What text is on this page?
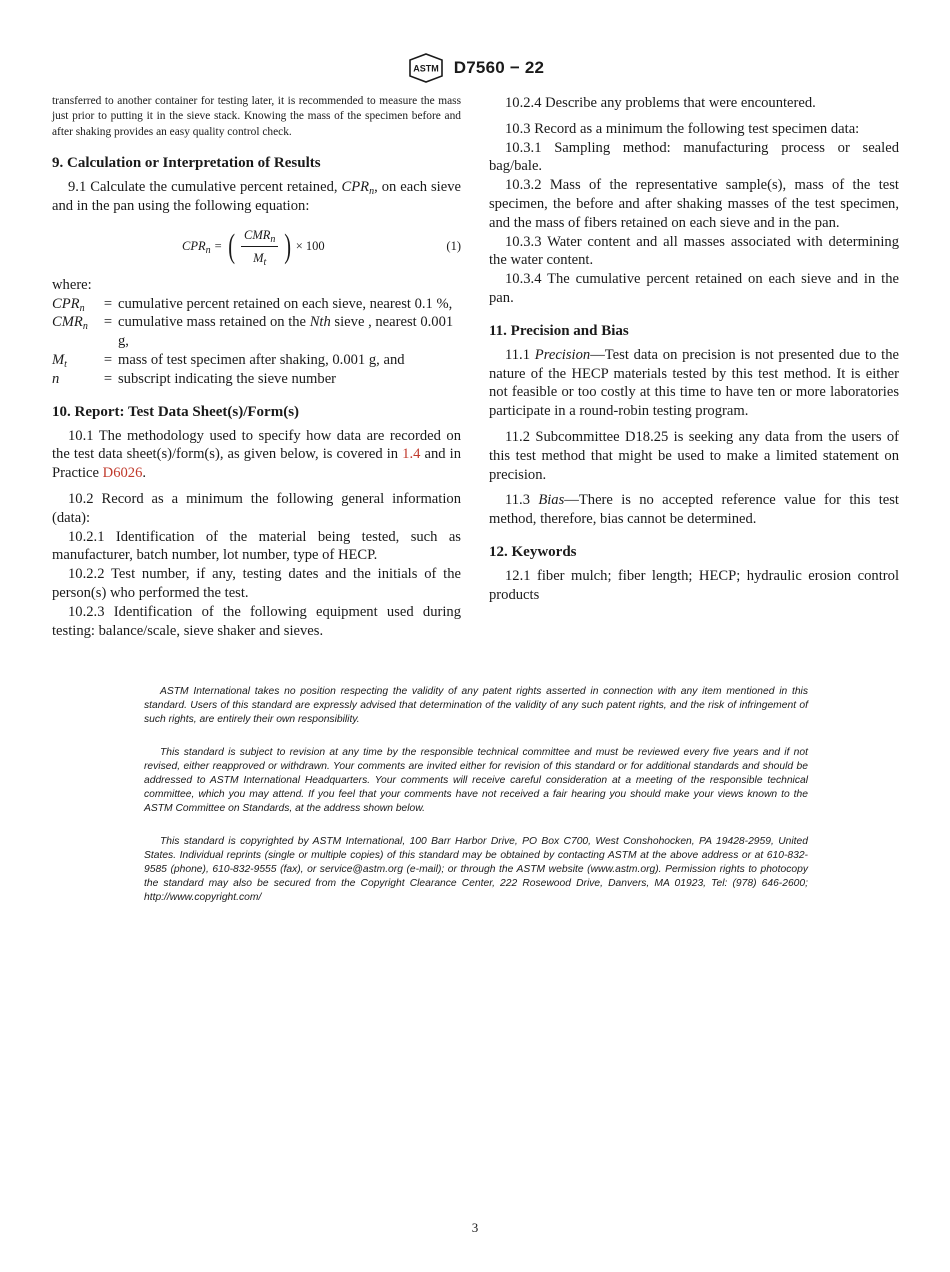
ASTM D7560 − 22

transferred to another container for testing later, it is recommended to measure the mass just prior to putting it in the sieve stack. Knowing the mass of the specimen before and after shaking provides an easy quality control check.

9. Calculation or Interpretation of Results

9.1 Calculate the cumulative percent retained, $CPR_n$, on each sieve and in the pan using the following equation:

$CPR_n$ = ( $\frac{CMR_n}{M_t}$ ) × 100	(1)

where:

$CPR_n$	= cumulative percent retained on each sieve, nearest 0.1 %,
$CMR_n$	= cumulative mass retained on the Nth sieve , nearest 0.001 g,
$M_t$	= mass of test specimen after shaking, 0.001 g, and
n	= subscript indicating the sieve number
10. Report: Test Data Sheet(s)/Form(s)

10.1 The methodology used to specify how data are recorded on the test data sheet(s)/form(s), as given below, is covered in 1.4 and in Practice D6026.

10.2 Record as a minimum the following general information (data):

10.2.1 Identification of the material being tested, such as manufacturer, batch number, lot number, type of HECP.

10.2.2 Test number, if any, testing dates and the initials of the person(s) who performed the test.

10.2.3 Identification of the following equipment used during testing: balance/scale, sieve shaker and sieves.

10.2.4 Describe any problems that were encountered.

10.3 Record as a minimum the following test specimen data:

10.3.1 Sampling method: manufacturing process or sealed bag/bale.

10.3.2 Mass of the representative sample(s), mass of the test specimen, the before and after shaking masses of the test specimen, and the mass of fibers retained on each sieve and in the pan.

10.3.3 Water content and all masses associated with determining the water content.

10.3.4 The cumulative percent retained on each sieve and in the pan.

11. Precision and Bias

11.1 Precision—Test data on precision is not presented due to the nature of the HECP materials tested by this test method. It is either not feasible or too costly at this time to have ten or more laboratories participate in a round-robin testing program.

11.2 Subcommittee D18.25 is seeking any data from the users of this test method that might be used to make a limited statement on precision.

11.3 Bias—There is no accepted reference value for this test method, therefore, bias cannot be determined.

12. Keywords

12.1 fiber mulch; fiber length; HECP; hydraulic erosion control products

ASTM International takes no position respecting the validity of any patent rights asserted in connection with any item mentioned in this standard. Users of this standard are expressly advised that determination of the validity of any such patent rights, and the risk of infringement of such rights, are entirely their own responsibility.

This standard is subject to revision at any time by the responsible technical committee and must be reviewed every five years and if not revised, either reapproved or withdrawn. Your comments are invited either for revision of this standard or for additional standards and should be addressed to ASTM International Headquarters. Your comments will receive careful consideration at a meeting of the responsible technical committee, which you may attend. If you feel that your comments have not received a fair hearing you should make your views known to the ASTM Committee on Standards, at the address shown below.

This standard is copyrighted by ASTM International, 100 Barr Harbor Drive, PO Box C700, West Conshohocken, PA 19428-2959, United States. Individual reprints (single or multiple copies) of this standard may be obtained by contacting ASTM at the above address or at 610-832-9585 (phone), 610-832-9555 (fax), or service@astm.org (e-mail); or through the ASTM website (www.astm.org). Permission rights to photocopy the standard may also be secured from the Copyright Clearance Center, 222 Rosewood Drive, Danvers, MA 01923, Tel: (978) 646-2600; http://www.copyright.com/

3
